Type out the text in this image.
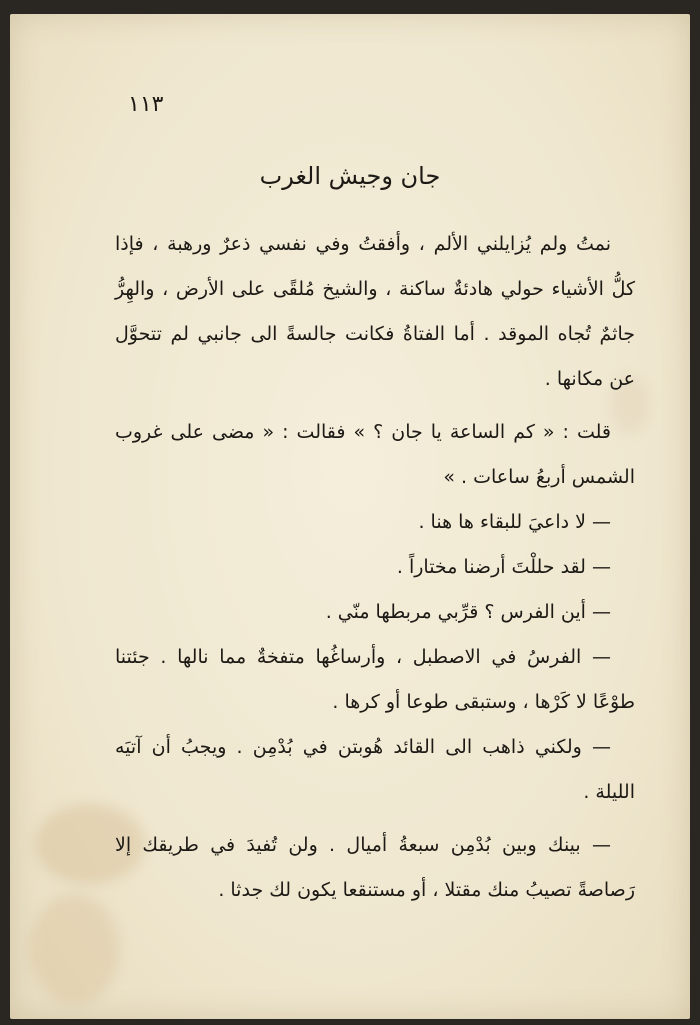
١١٣
جان وجيش الغرب

نمتُ ولم يُزايلني الألم ، وأفقتُ وفي نفسي ذعرٌ ورهبة ، فإذا كلُّ الأشياء حولي هادئةٌ ساكنة ، والشيخ مُلقًى على الأرض ، والهِرُّ جاثمٌ تُجاه الموقد . أما الفتاةُ فكانت جالسةً الى جانبي لم تتحوَّل عن مكانها .

قلت : « كم الساعة يا جان ؟ » فقالت : « مضى على غروب الشمس أربعُ ساعات . »

— لا داعيَ للبقاء ها هنا .

— لقد حللْتَ أرضنا مختاراً .

— أين الفرس ؟ قرِّبي مربطها منّي .

— الفرسُ في الاصطبل ، وأرساغُها متفخةٌ مما نالها . جئتنا طوْعًا لا كَرْها ، وستبقى طوعا أو كرها .

— ولكني ذاهب الى القائد هُوبتن في بُدْمِن . ويجبُ أن آتيَه الليلة .

— بينك وبين بُدْمِن سبعةُ أميال . ولن تُفيدَ في طريقك إلا رَصاصةً تصيبُ منك مقتلا ، أو مستنقعا يكون لك جدثا .
